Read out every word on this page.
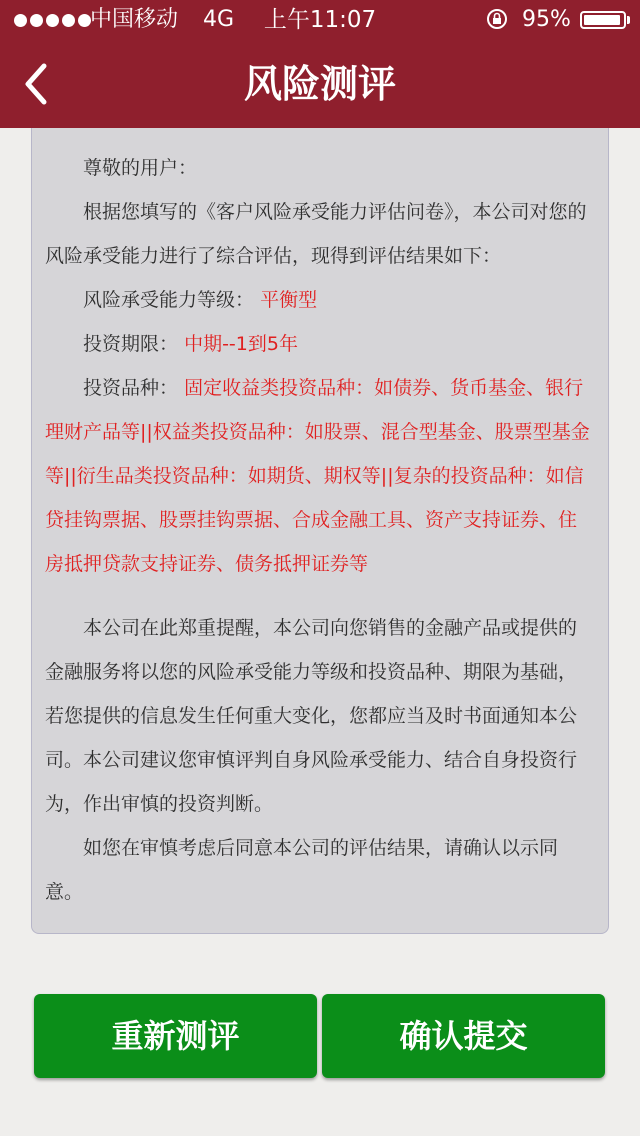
中国移动 4G	上午11:07	95%
风险测评

尊敬的用户：

根据您填写的《客户风险承受能力评估问卷》，本公司对您的风险承受能力进行了综合评估，现得到评估结果如下：

风险承受能力等级： 平衡型

投资期限： 中期--1到5年

投资品种： 固定收益类投资品种：如债券、货币基金、银行理财产品等||权益类投资品种：如股票、混合型基金、股票型基金等||衍生品类投资品种：如期货、期权等||复杂的投资品种：如信贷挂钩票据、股票挂钩票据、合成金融工具、资产支持证券、住房抵押贷款支持证券、债务抵押证券等

本公司在此郑重提醒，本公司向您销售的金融产品或提供的金融服务将以您的风险承受能力等级和投资品种、期限为基础，若您提供的信息发生任何重大变化，您都应当及时书面通知本公司。本公司建议您审慎评判自身风险承受能力、结合自身投资行为，作出审慎的投资判断。

如您在审慎考虑后同意本公司的评估结果，请确认以示同意。

重新测评	确认提交
